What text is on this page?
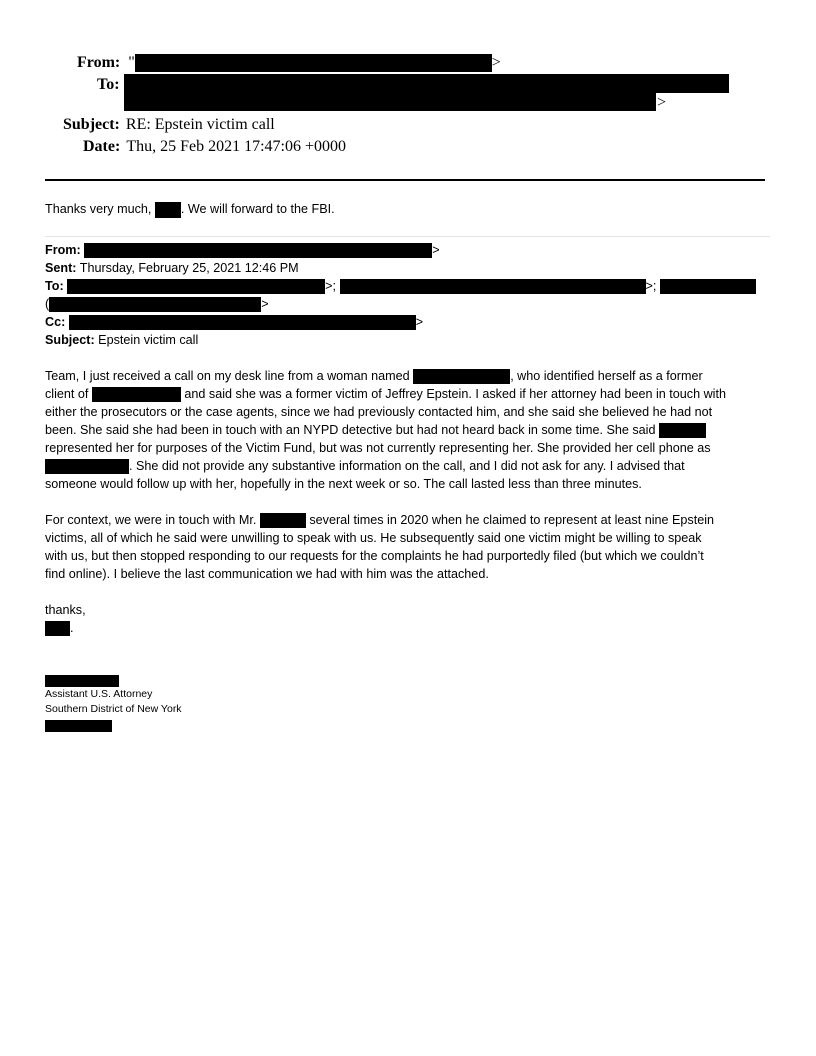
From: "	>
To:
>
Subject: RE: Epstein victim call
Date: Thu, 25 Feb 2021 17:47:06 +0000
Thanks very much, . We will forward to the FBI.
From:	>
Sent: Thursday, February 25, 2021 12:46 PM
To:	>;	>;
(	>
Cc:	>
Subject: Epstein victim call
Team, I just received a call on my desk line from a woman named	, who identified herself as a former
client of	and said she was a former victim of Jeffrey Epstein. I asked if her attorney had been in touch with
either the prosecutors or the case agents, since we had previously contacted him, and she said she believed he had not
been. She said she had been in touch with an NYPD detective but had not heard back in some time. She said
represented her for purposes of the Victim Fund, but was not currently representing her. She provided her cell phone as
. She did not provide any substantive information on the call, and I did not ask for any. I advised that
someone would follow up with her, hopefully in the next week or so. The call lasted less than three minutes.
For context, we were in touch with Mr.	several times in 2020 when he claimed to represent at least nine Epstein
victims, all of which he said were unwilling to speak with us. He subsequently said one victim might be willing to speak
with us, but then stopped responding to our requests for the complaints he had purportedly filed (but which we couldn’t
find online). I believe the last communication we had with him was the attached.
thanks,
.
Assistant U.S. Attorney
Southern District of New York
